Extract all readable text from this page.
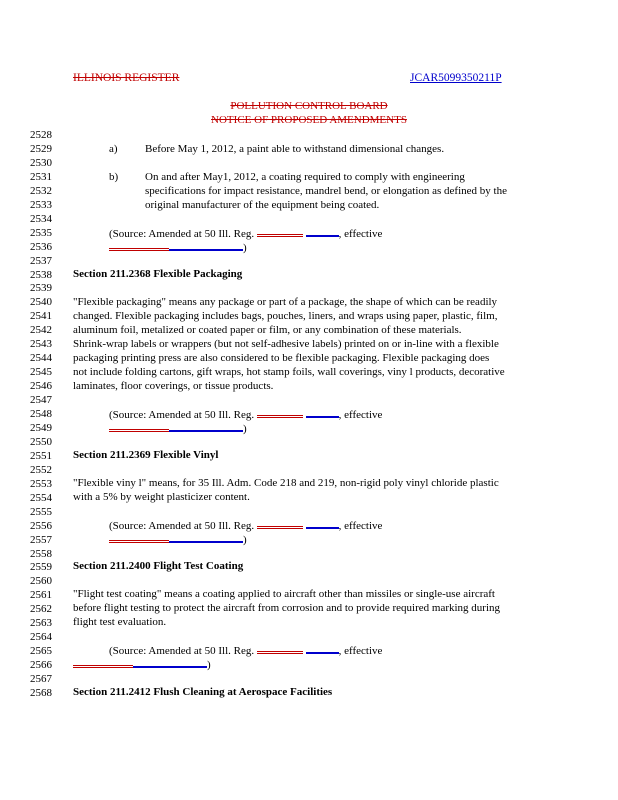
ILLINOIS REGISTER	JCAR5099350211P
POLLUTION CONTROL BOARD
NOTICE OF PROPOSED AMENDMENTS
2528
2529
2530
2531
2532
2533
2534
2535
2536
2537
2538
2539
2540
2541
2542
2543
2544
2545
2546
2547
2548
2549
2550
2551
2552
2553
2554
2555
2556
2557
2558
2559
2560
2561
2562
2563
2564
2565
2566
2567
2568
a) Before May 1, 2012, a paint able to withstand dimensional changes.
b) On and after May1, 2012, a coating required to comply with engineering
specifications for impact resistance, mandrel bend, or elongation as defined by the
original manufacturer of the equipment being coated.
(Source: Amended at 50 Ill. Reg.	, effective
)
Section 211.2368 Flexible Packaging
"Flexible packaging" means any package or part of a package, the shape of which can be readily
changed. Flexible packaging includes bags, pouches, liners, and wraps using paper, plastic, film,
aluminum foil, metalized or coated paper or film, or any combination of these materials.
Shrink-wrap labels or wrappers (but not self-adhesive labels) printed on or in-line with a flexible
packaging printing press are also considered to be flexible packaging. Flexible packaging does
not include folding cartons, gift wraps, hot stamp foils, wall coverings, viny l products, decorative
laminates, floor coverings, or tissue products.
(Source: Amended at 50 Ill. Reg.	, effective
)
Section 211.2369 Flexible Vinyl
"Flexible viny l" means, for 35 Ill. Adm. Code 218 and 219, non-rigid poly vinyl chloride plastic
with a 5% by weight plasticizer content.
(Source: Amended at 50 Ill. Reg.	, effective
)
Section 211.2400 Flight Test Coating
"Flight test coating" means a coating applied to aircraft other than missiles or single-use aircraft
before flight testing to protect the aircraft from corrosion and to provide required marking during
flight test evaluation.
(Source: Amended at 50 Ill. Reg.	, effective
)
Section 211.2412 Flush Cleaning at Aerospace Facilities
